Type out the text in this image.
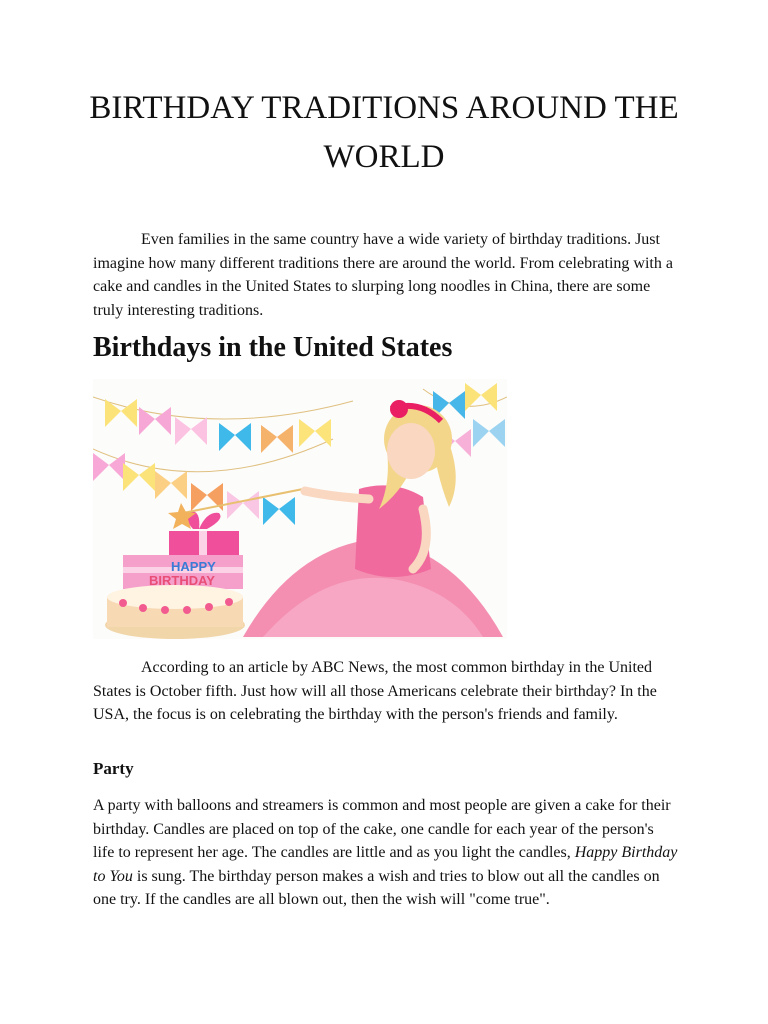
BIRTHDAY TRADITIONS AROUND THE WORLD

Even families in the same country have a wide variety of birthday traditions. Just imagine how many different traditions there are around the world. From celebrating with a cake and candles in the United States to slurping long noodles in China, there are some truly interesting traditions.

Birthdays in the United States
HAPPY
BIRTHDAY

According to an article by ABC News, the most common birthday in the United States is October fifth. Just how will all those Americans celebrate their birthday? In the USA, the focus is on celebrating the birthday with the person's friends and family.

Party

A party with balloons and streamers is common and most people are given a cake for their birthday. Candles are placed on top of the cake, one candle for each year of the person's life to represent her age. The candles are little and as you light the candles, Happy Birthday to You is sung. The birthday person makes a wish and tries to blow out all the candles on one try. If the candles are all blown out, then the wish will "come true".
